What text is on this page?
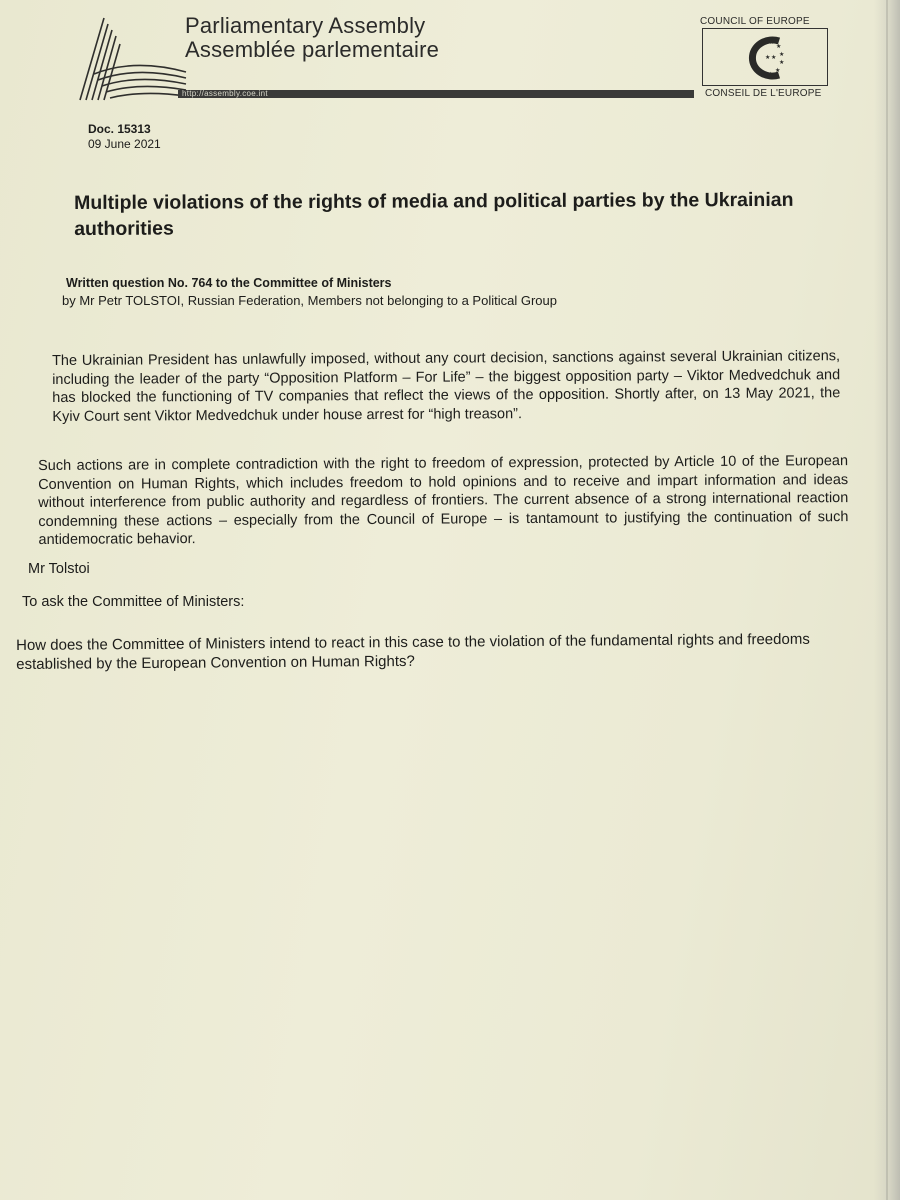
Parliamentary Assembly
Assemblée parlementaire
http://assembly.coe.int
COUNCIL OF EUROPE
★ ★
★
★
★
★
★
★
★ ★
CONSEIL DE L'EUROPE
Doc. 15313
09 June 2021
Multiple violations of the rights of media and political parties by the Ukrainian authorities
Written question No. 764 to the Committee of Ministers
by Mr Petr TOLSTOI, Russian Federation, Members not belonging to a Political Group
The Ukrainian President has unlawfully imposed, without any court decision, sanctions against several Ukrainian citizens, including the leader of the party “Opposition Platform – For Life” – the biggest opposition party – Viktor Medvedchuk and has blocked the functioning of TV companies that reflect the views of the opposition. Shortly after, on 13 May 2021, the Kyiv Court sent Viktor Medvedchuk under house arrest for “high treason”.
Such actions are in complete contradiction with the right to freedom of expression, protected by Article 10 of the European Convention on Human Rights, which includes freedom to hold opinions and to receive and impart information and ideas without interference from public authority and regardless of frontiers. The current absence of a strong international reaction condemning these actions – especially from the Council of Europe – is tantamount to justifying the continuation of such antidemocratic behavior.
Mr Tolstoi
To ask the Committee of Ministers:
How does the Committee of Ministers intend to react in this case to the violation of the fundamental rights and freedoms established by the European Convention on Human Rights?
